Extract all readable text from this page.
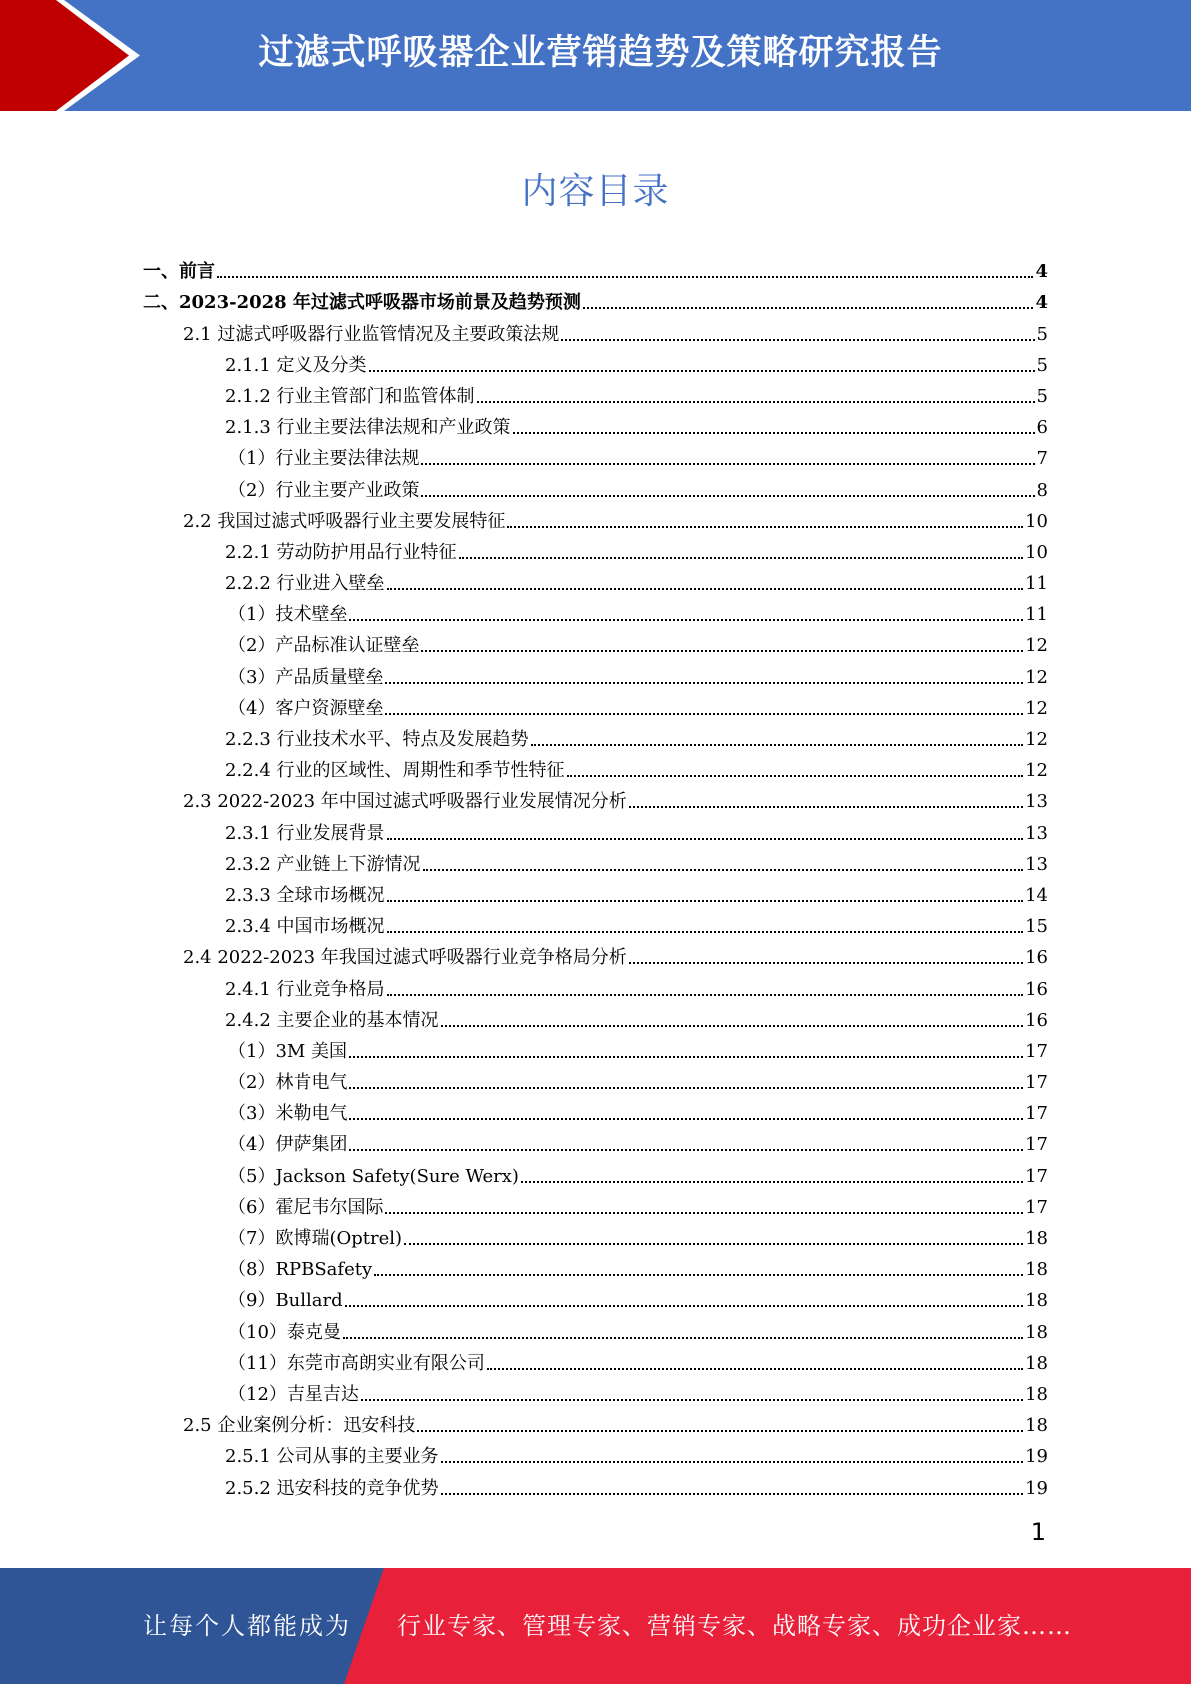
过滤式呼吸器企业营销趋势及策略研究报告
内容目录
一、前言	4
二、2023-2028 年过滤式呼吸器市场前景及趋势预测	4
2.1 过滤式呼吸器行业监管情况及主要政策法规	5
2.1.1 定义及分类	5
2.1.2 行业主管部门和监管体制	5
2.1.3 行业主要法律法规和产业政策	6
（1）行业主要法律法规	7
（2）行业主要产业政策	8
2.2 我国过滤式呼吸器行业主要发展特征	10
2.2.1 劳动防护用品行业特征	10
2.2.2 行业进入壁垒	11
（1）技术壁垒	11
（2）产品标准认证壁垒	12
（3）产品质量壁垒	12
（4）客户资源壁垒	12
2.2.3 行业技术水平、特点及发展趋势	12
2.2.4 行业的区域性、周期性和季节性特征	12
2.3 2022-2023 年中国过滤式呼吸器行业发展情况分析	13
2.3.1 行业发展背景	13
2.3.2 产业链上下游情况	13
2.3.3 全球市场概况	14
2.3.4 中国市场概况	15
2.4 2022-2023 年我国过滤式呼吸器行业竞争格局分析	16
2.4.1 行业竞争格局	16
2.4.2 主要企业的基本情况	16
（1）3M 美国	17
（2）林肯电气	17
（3）米勒电气	17
（4）伊萨集团	17
（5）Jackson Safety(Sure Werx)	17
（6）霍尼韦尔国际	17
（7）欧博瑞(Optrel)	18
（8）RPBSafety	18
（9）Bullard	18
（10）泰克曼	18
（11）东莞市高朗实业有限公司	18
（12）吉星吉达	18
2.5 企业案例分析：迅安科技	18
2.5.1 公司从事的主要业务	19
2.5.2 迅安科技的竞争优势	19
1
让每个人都能成为 行业专家、管理专家、营销专家、战略专家、成功企业家……
